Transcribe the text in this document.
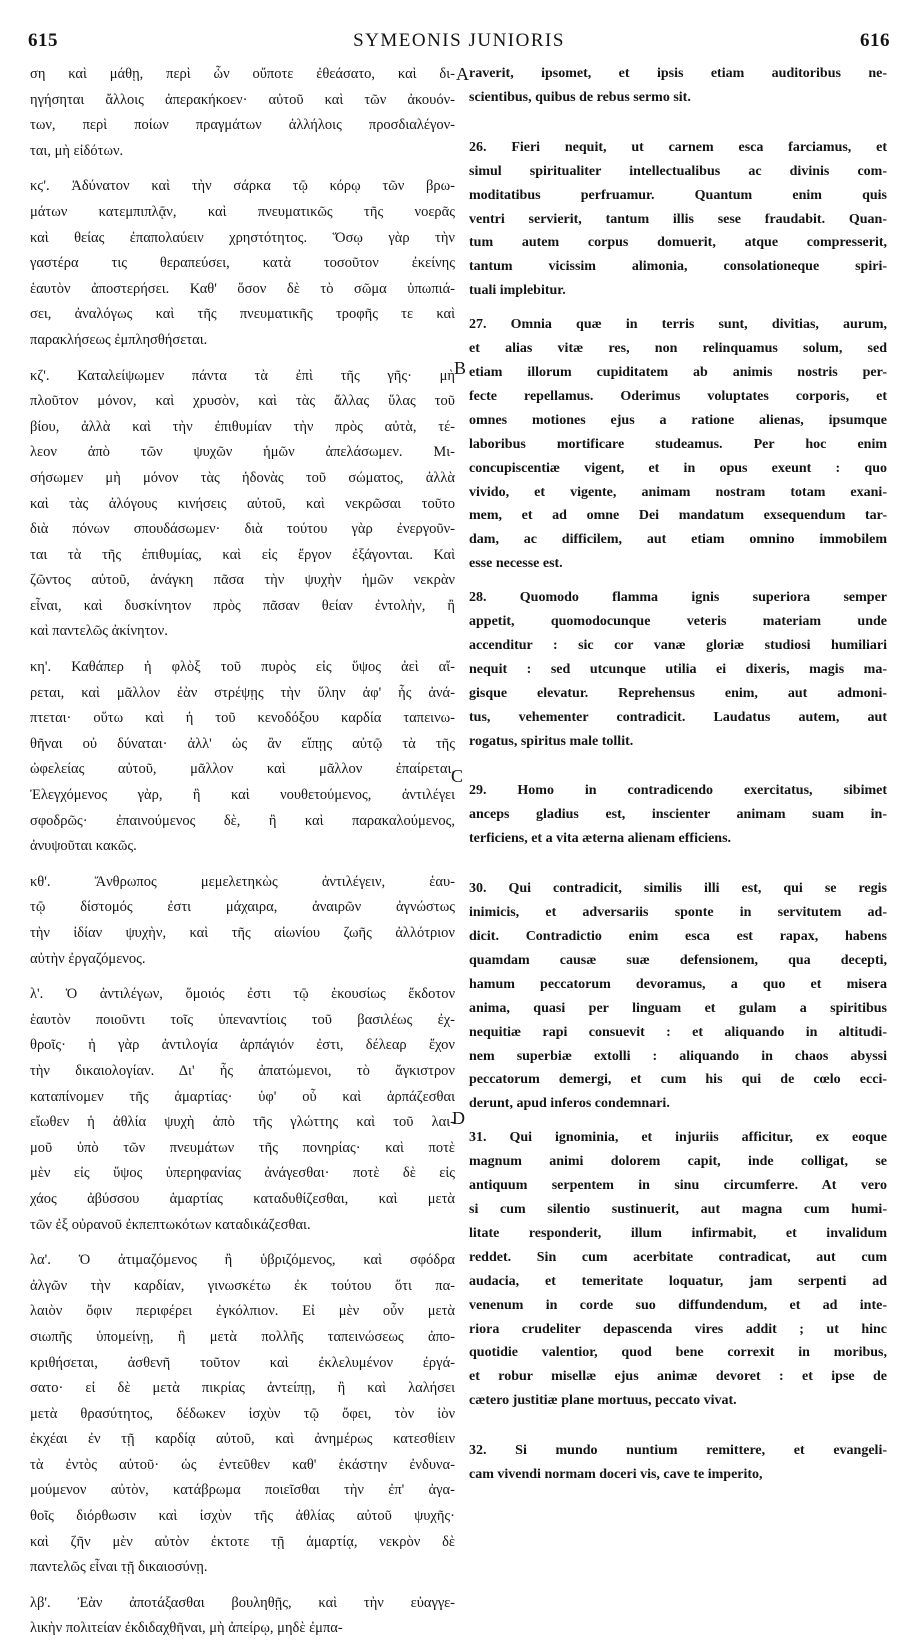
615	SYMEONIS JUNIORIS	616
A
B
C
D
ση καὶ μάθῃ, περὶ ὧν οὔποτε ἐθεάσατο, καὶ δι-
ηγήσηται ἄλλοις ἀπερακήκοεν· αὐτοῦ καὶ τῶν ἀκουόν-
των, περὶ ποίων πραγμάτων ἀλλήλοις προσδιαλέγον-
ται, μὴ εἰδότων.
κϛ'. Ἀδύνατον καὶ τὴν σάρκα τῷ κόρῳ τῶν βρω-
μάτων κατεμπιπλᾷν, καὶ πνευματικῶς τῆς νοερᾶς
καὶ θείας ἐπαπολαύειν χρηστότητος. Ὅσῳ γὰρ τὴν
γαστέρα τις θεραπεύσει, κατὰ τοσοῦτον ἐκείνης
ἑαυτὸν ἀποστερήσει. Καθ' ὅσον δὲ τὸ σῶμα ὑπωπιά-
σει, ἀναλόγως καὶ τῆς πνευματικῆς τροφῆς τε καὶ
παρακλήσεως ἐμπλησθήσεται.
κζ'. Καταλείψωμεν πάντα τὰ ἐπὶ τῆς γῆς· μὴ
πλοῦτον μόνον, καὶ χρυσὸν, καὶ τὰς ἄλλας ὕλας τοῦ
βίου, ἀλλὰ καὶ τὴν ἐπιθυμίαν τὴν πρὸς αὐτὰ, τέ-
λεον ἀπὸ τῶν ψυχῶν ἡμῶν ἀπελάσωμεν. Μι-
σήσωμεν μὴ μόνον τὰς ἡδονὰς τοῦ σώματος, ἀλλὰ
καὶ τὰς ἀλόγους κινήσεις αὐτοῦ, καὶ νεκρῶσαι τοῦτο
διὰ πόνων σπουδάσωμεν· διὰ τούτου γὰρ ἐνεργοῦν-
ται τὰ τῆς ἐπιθυμίας, καὶ εἰς ἔργον ἐξάγονται. Καὶ
ζῶντος αὐτοῦ, ἀνάγκη πᾶσα τὴν ψυχὴν ἡμῶν νεκρὰν
εἶναι, καὶ δυσκίνητον πρὸς πᾶσαν θείαν ἐντολὴν, ἢ
καὶ παντελῶς ἀκίνητον.
κη'. Καθάπερ ἡ φλὸξ τοῦ πυρὸς εἰς ὕψος ἀεὶ αἴ-
ρεται, καὶ μᾶλλον ἐὰν στρέψῃς τὴν ὕλην ἀφ' ἧς ἀνά-
πτεται· οὕτω καὶ ἡ τοῦ κενοδόξου καρδία ταπεινω-
θῆναι οὐ δύναται· ἀλλ' ὡς ἂν εἴπῃς αὐτῷ τὰ τῆς
ὠφελείας αὐτοῦ, μᾶλλον καὶ μᾶλλον ἐπαίρεται.
Ἐλεγχόμενος γὰρ, ἢ καὶ νουθετούμενος, ἀντιλέγει
σφοδρῶς· ἐπαινούμενος δὲ, ἢ καὶ παρακαλούμενος,
ἀνυψοῦται κακῶς.
κθ'. Ἄνθρωπος μεμελετηκὼς ἀντιλέγειν, ἑαυ-
τῷ δίστομός ἐστι μάχαιρα, ἀναιρῶν ἀγνώστως
τὴν ἰδίαν ψυχὴν, καὶ τῆς αἰωνίου ζωῆς ἀλλότριον
αὐτὴν ἐργαζόμενος.
λ'. Ὁ ἀντιλέγων, ὅμοιός ἐστι τῷ ἑκουσίως ἔκδοτον
ἑαυτὸν ποιοῦντι τοῖς ὑπεναντίοις τοῦ βασιλέως ἐχ-
θροῖς· ἡ γὰρ ἀντιλογία ἁρπάγιόν ἐστι, δέλεαρ ἔχον
τὴν δικαιολογίαν. Δι' ἧς ἀπατώμενοι, τὸ ἄγκιστρον
καταπίνομεν τῆς ἁμαρτίας· ὑφ' οὗ καὶ ἁρπάζεσθαι
εἴωθεν ἡ ἀθλία ψυχὴ ἀπὸ τῆς γλώττης καὶ τοῦ λαι-
μοῦ ὑπὸ τῶν πνευμάτων τῆς πονηρίας· καὶ ποτὲ
μὲν εἰς ὕψος ὑπερηφανίας ἀνάγεσθαι· ποτὲ δὲ εἰς
χάος ἀβύσσου ἁμαρτίας καταδυθίζεσθαι, καὶ μετὰ
τῶν ἐξ οὐρανοῦ ἐκπεπτωκότων καταδικάζεσθαι.
λα'. Ὁ ἀτιμαζόμενος ἢ ὑβριζόμενος, καὶ σφόδρα
ἀλγῶν τὴν καρδίαν, γινωσκέτω ἐκ τούτου ὅτι πα-
λαιὸν ὄφιν περιφέρει ἐγκόλπιον. Εἰ μὲν οὖν μετὰ
σιωπῆς ὑπομείνῃ, ἢ μετὰ πολλῆς ταπεινώσεως ἀπο-
κριθήσεται, ἀσθενῆ τοῦτον καὶ ἐκλελυμένον ἐργά-
σατο· εἰ δὲ μετὰ πικρίας ἀντείπῃ, ἢ καὶ λαλήσει
μετὰ θρασύτητος, δέδωκεν ἰσχὺν τῷ ὄφει, τὸν ἰὸν
ἐκχέαι ἐν τῇ καρδίᾳ αὐτοῦ, καὶ ἀνημέρως κατεσθίειν
τὰ ἐντὸς αὐτοῦ· ὡς ἐντεῦθεν καθ' ἑκάστην ἐνδυνα-
μούμενον αὐτὸν, κατάβρωμα ποιεῖσθαι τὴν ἐπ' ἀγα-
θοῖς διόρθωσιν καὶ ἰσχὺν τῆς ἀθλίας αὐτοῦ ψυχῆς·
καὶ ζῆν μὲν αὐτὸν ἐκτοτε τῇ ἁμαρτίᾳ, νεκρὸν δὲ
παντελῶς εἶναι τῇ δικαιοσύνῃ.
λβ'. Ἐὰν ἀποτάξασθαι βουληθῇς, καὶ τὴν εὐαγγε-
λικὴν πολιτείαν ἐκδιδαχθῆναι, μὴ ἀπείρῳ, μηδὲ ἐμπα-
raverit, ipsomet, et ipsis etiam auditoribus ne-
scientibus, quibus de rebus sermo sit.
26. Fieri nequit, ut carnem esca farciamus, et
simul spiritualiter intellectualibus ac divinis com-
moditatibus perfruamur. Quantum enim quis
ventri servierit, tantum illis sese fraudabit. Quan-
tum autem corpus domuerit, atque compresserit,
tantum vicissim alimonia, consolationeque spiri-
tuali implebitur.
27. Omnia quæ in terris sunt, divitias, aurum,
et alias vitæ res, non relinquamus solum, sed
etiam illorum cupiditatem ab animis nostris per-
fecte repellamus. Oderimus voluptates corporis, et
omnes motiones ejus a ratione alienas, ipsumque
laboribus mortificare studeamus. Per hoc enim
concupiscentiæ vigent, et in opus exeunt : quo
vivido, et vigente, animam nostram totam exani-
mem, et ad omne Dei mandatum exsequendum tar-
dam, ac difficilem, aut etiam omnino immobilem
esse necesse est.
28. Quomodo flamma ignis superiora semper
appetit, quomodocunque veteris materiam unde
accenditur : sic cor vanæ gloriæ studiosi humiliari
nequit : sed utcunque utilia ei dixeris, magis ma-
gisque elevatur. Reprehensus enim, aut admoni-
tus, vehementer contradicit. Laudatus autem, aut
rogatus, spiritus male tollit.
29. Homo in contradicendo exercitatus, sibimet
anceps gladius est, inscienter animam suam in-
terficiens, et a vita æterna alienam efficiens.
30. Qui contradicit, similis illi est, qui se regis
inimicis, et adversariis sponte in servitutem ad-
dicit. Contradictio enim esca est rapax, habens
quamdam causæ suæ defensionem, qua decepti,
hamum peccatorum devoramus, a quo et misera
anima, quasi per linguam et gulam a spiritibus
nequitiæ rapi consuevit : et aliquando in altitudi-
nem superbiæ extolli : aliquando in chaos abyssi
peccatorum demergi, et cum his qui de cœlo ecci-
derunt, apud inferos condemnari.
31. Qui ignominia, et injuriis afficitur, ex eoque
magnum animi dolorem capit, inde colligat, se
antiquum serpentem in sinu circumferre. At vero
si cum silentio sustinuerit, aut magna cum humi-
litate responderit, illum infirmabit, et invalidum
reddet. Sin cum acerbitate contradicat, aut cum
audacia, et temeritate loquatur, jam serpenti ad
venenum in corde suo diffundendum, et ad inte-
riora crudeliter depascenda vires addit ; ut hinc
quotidie valentior, quod bene correxit in moribus,
et robur misellæ ejus animæ devoret : et ipse de
cætero justitiæ plane mortuus, peccato vivat.
32. Si mundo nuntium remittere, et evangeli-
cam vivendi normam doceri vis, cave te imperito,
